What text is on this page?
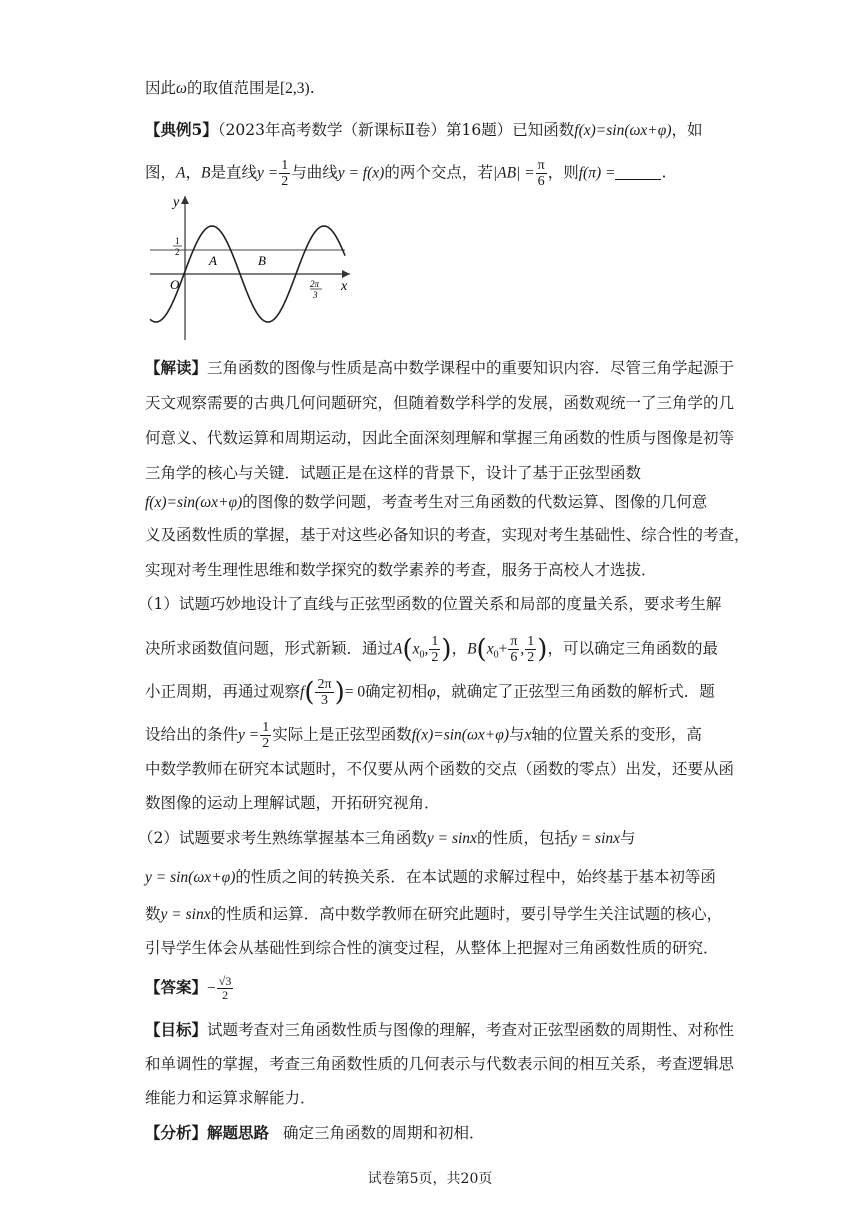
因此ω的取值范围是[2,3).
【典例5】（2023年高考数学（新课标Ⅱ卷）第16题）已知函数f(x)=sin(ωx+φ)，如
图，A，B是直线$y = \frac{1}{2}$ 与曲线y = f(x)的两个交点，若$|AB| = \frac{\pi}{6}$ ，则f(π) =	.
y
x
O
1
2
A	B
2π
3
【解读】三角函数的图像与性质是高中数学课程中的重要知识内容．尽管三角学起源于
天文观察需要的古典几何问题研究，但随着数学科学的发展，函数观统一了三角学的几
何意义、代数运算和周期运动，因此全面深刻理解和掌握三角函数的性质与图像是初等
三角学的核心与关键．试题正是在这样的背景下，设计了基于正弦型函数
f(x)=sin(ωx+φ)的图像的数学问题，考查考生对三角函数的代数运算、图像的几何意
义及函数性质的掌握，基于对这些必备知识的考查，实现对考生基础性、综合性的考查，
实现对考生理性思维和数学探究的数学素养的考查，服务于高校人才选拔．
（1）试题巧妙地设计了直线与正弦型函数的位置关系和局部的度量关系，要求考生解
决所求函数值问题，形式新颖．通过$A(x_0$, $\frac{1}{2}$ )，$B(x_0+ \frac{\pi}{6}$ , $\frac{1}{2}$ )，可以确定三角函数的最
小正周期，再通过观察$f( \frac{2\pi}{3}$ )= 0确定初相φ，就确定了正弦型三角函数的解析式．题
设给出的条件$y = \frac{1}{2}$ 实际上是正弦型函数f(x)=sin(ωx+φ)与x轴的位置关系的变形，高
中数学教师在研究本试题时，不仅要从两个函数的交点（函数的零点）出发，还要从函
数图像的运动上理解试题，开拓研究视角．
（2）试题要求考生熟练掌握基本三角函数y = sinx的性质，包括y = sinx与
y = sin(ωx+φ)的性质之间的转换关系．在本试题的求解过程中，始终基于基本初等函
数y = sinx的性质和运算．高中数学教师在研究此题时，要引导学生关注试题的核心，
引导学生体会从基础性到综合性的演变过程，从整体上把握对三角函数性质的研究．
【答案】− $\frac{√3}{2}$
【目标】试题考查对三角函数性质与图像的理解，考查对正弦型函数的周期性、对称性
和单调性的掌握，考查三角函数性质的几何表示与代数表示间的相互关系，考查逻辑思
维能力和运算求解能力．
【分析】解题思路 确定三角函数的周期和初相．
试卷第5页，共20页
